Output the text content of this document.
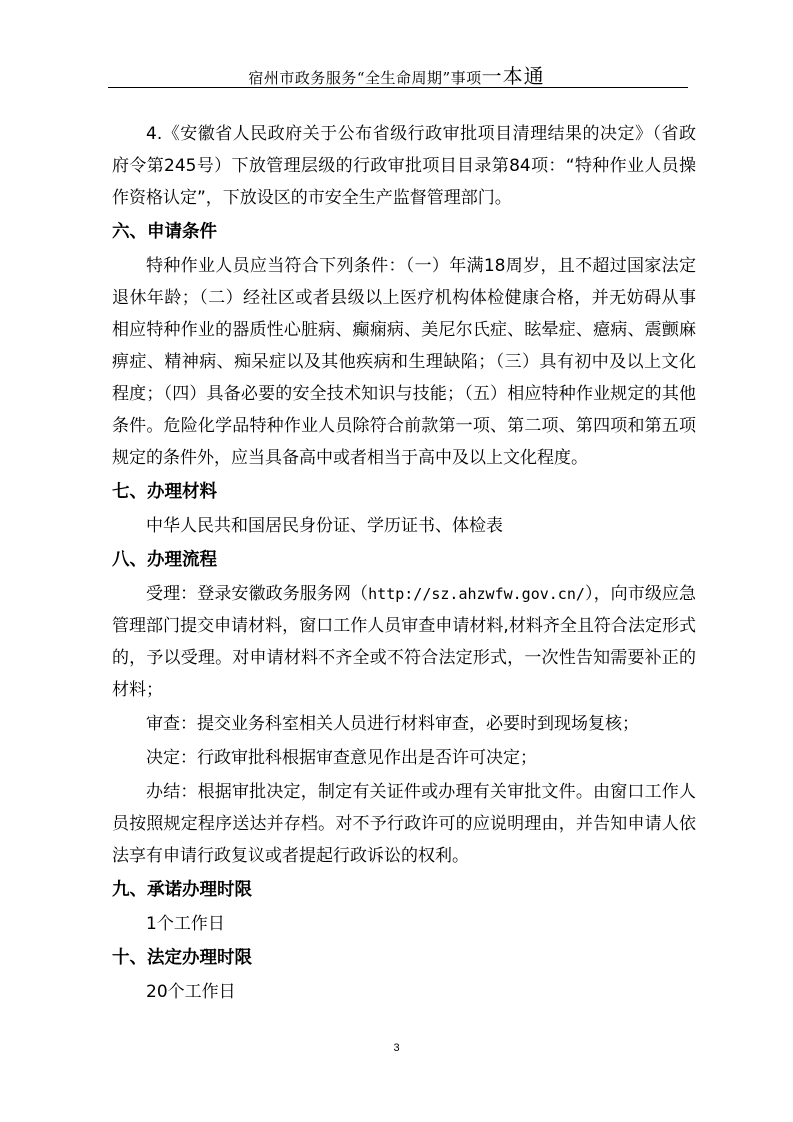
宿州市政务服务“全生命周期”事项一本通

4.《安徽省人民政府关于公布省级行政审批项目清理结果的决定》（省政府令第245号）下放管理层级的行政审批项目目录第84项：“特种作业人员操作资格认定”，下放设区的市安全生产监督管理部门。

六、申请条件

特种作业人员应当符合下列条件：（一）年满18周岁，且不超过国家法定退休年龄；（二）经社区或者县级以上医疗机构体检健康合格，并无妨碍从事相应特种作业的器质性心脏病、癫痫病、美尼尔氏症、眩晕症、癔病、震颤麻痹症、精神病、痴呆症以及其他疾病和生理缺陷；（三）具有初中及以上文化程度；（四）具备必要的安全技术知识与技能；（五）相应特种作业规定的其他条件。危险化学品特种作业人员除符合前款第一项、第二项、第四项和第五项规定的条件外，应当具备高中或者相当于高中及以上文化程度。

七、办理材料

中华人民共和国居民身份证、学历证书、体检表

八、办理流程

受理：登录安徽政务服务网（http://sz.ahzwfw.gov.cn/），向市级应急管理部门提交申请材料，窗口工作人员审查申请材料,材料齐全且符合法定形式的，予以受理。对申请材料不齐全或不符合法定形式，一次性告知需要补正的材料；

审查：提交业务科室相关人员进行材料审查，必要时到现场复核；

决定：行政审批科根据审查意见作出是否许可决定；

办结：根据审批决定，制定有关证件或办理有关审批文件。由窗口工作人员按照规定程序送达并存档。对不予行政许可的应说明理由，并告知申请人依法享有申请行政复议或者提起行政诉讼的权利。

九、承诺办理时限

1个工作日

十、法定办理时限

20个工作日

3
